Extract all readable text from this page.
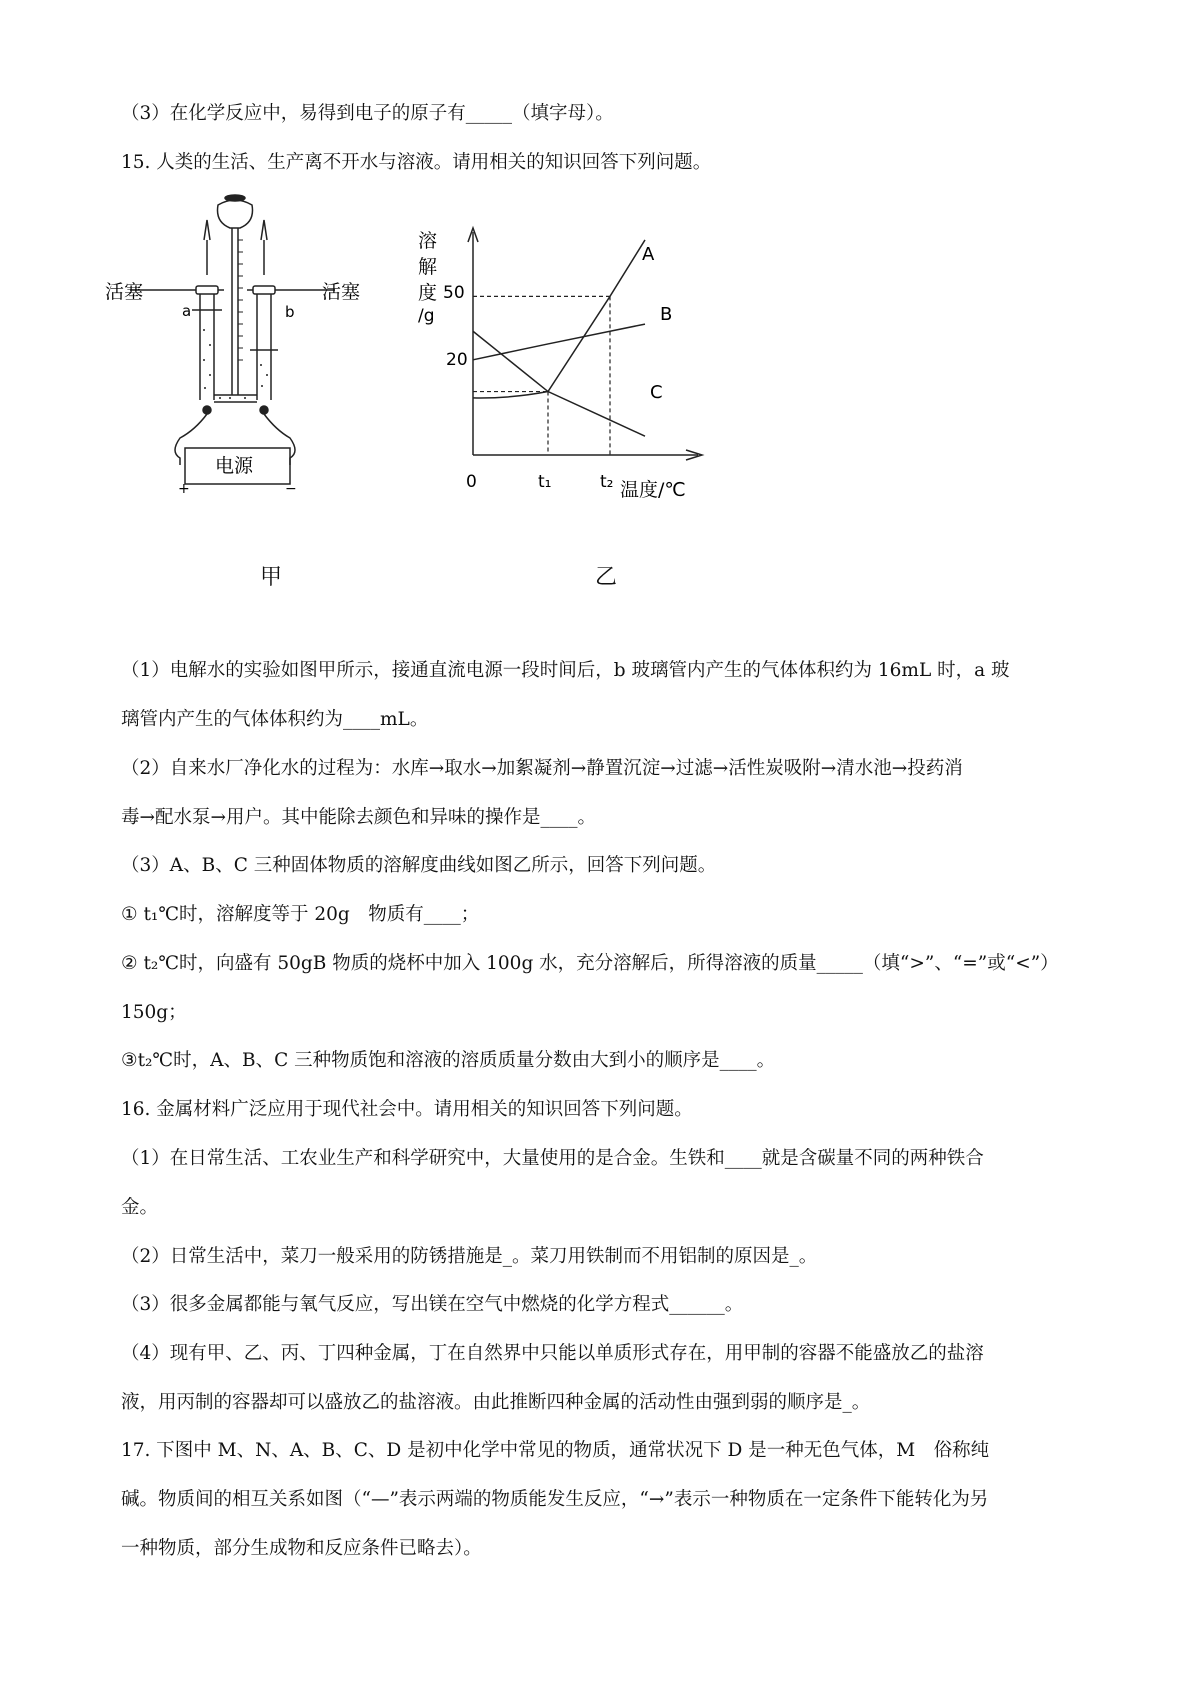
（3）在化学反应中，易得到电子的原子有_____（填字母）。
15. 人类的生活、生产离不开水与溶液。请用相关的知识回答下列问题。
活塞	活塞
a	b
电源
+	−
甲
A
B
C
溶
解
度
/g
50
20
0	t₁	t₂ 温度/℃
乙
（1）电解水的实验如图甲所示，接通直流电源一段时间后，b 玻璃管内产生的气体体积约为 16mL 时，a 玻
璃管内产生的气体体积约为____mL。
（2）自来水厂净化水的过程为：水库→取水→加絮凝剂→静置沉淀→过滤→活性炭吸附→清水池→投药消
毒→配水泵→用户。其中能除去颜色和异味的操作是____。
（3）A、B、C 三种固体物质的溶解度曲线如图乙所示，回答下列问题。
① t₁℃时，溶解度等于 20g　物质有____；
② t₂℃时，向盛有 50gB 物质的烧杯中加入 100g 水，充分溶解后，所得溶液的质量_____（填“>”、“=”或“<”）
150g；
③t₂℃时，A、B、C 三种物质饱和溶液的溶质质量分数由大到小的顺序是____。
16. 金属材料广泛应用于现代社会中。请用相关的知识回答下列问题。
（1）在日常生活、工农业生产和科学研究中，大量使用的是合金。生铁和____就是含碳量不同的两种铁合
金。
（2）日常生活中，菜刀一般采用的防锈措施是_。菜刀用铁制而不用铝制的原因是_。
（3）很多金属都能与氧气反应，写出镁在空气中燃烧的化学方程式______。
（4）现有甲、乙、丙、丁四种金属，丁在自然界中只能以单质形式存在，用甲制的容器不能盛放乙的盐溶
液，用丙制的容器却可以盛放乙的盐溶液。由此推断四种金属的活动性由强到弱的顺序是_。
17. 下图中 M、N、A、B、C、D 是初中化学中常见的物质，通常状况下 D 是一种无色气体，M　俗称纯
碱。物质间的相互关系如图（“—”表示两端的物质能发生反应，“→”表示一种物质在一定条件下能转化为另
一种物质，部分生成物和反应条件已略去）。
